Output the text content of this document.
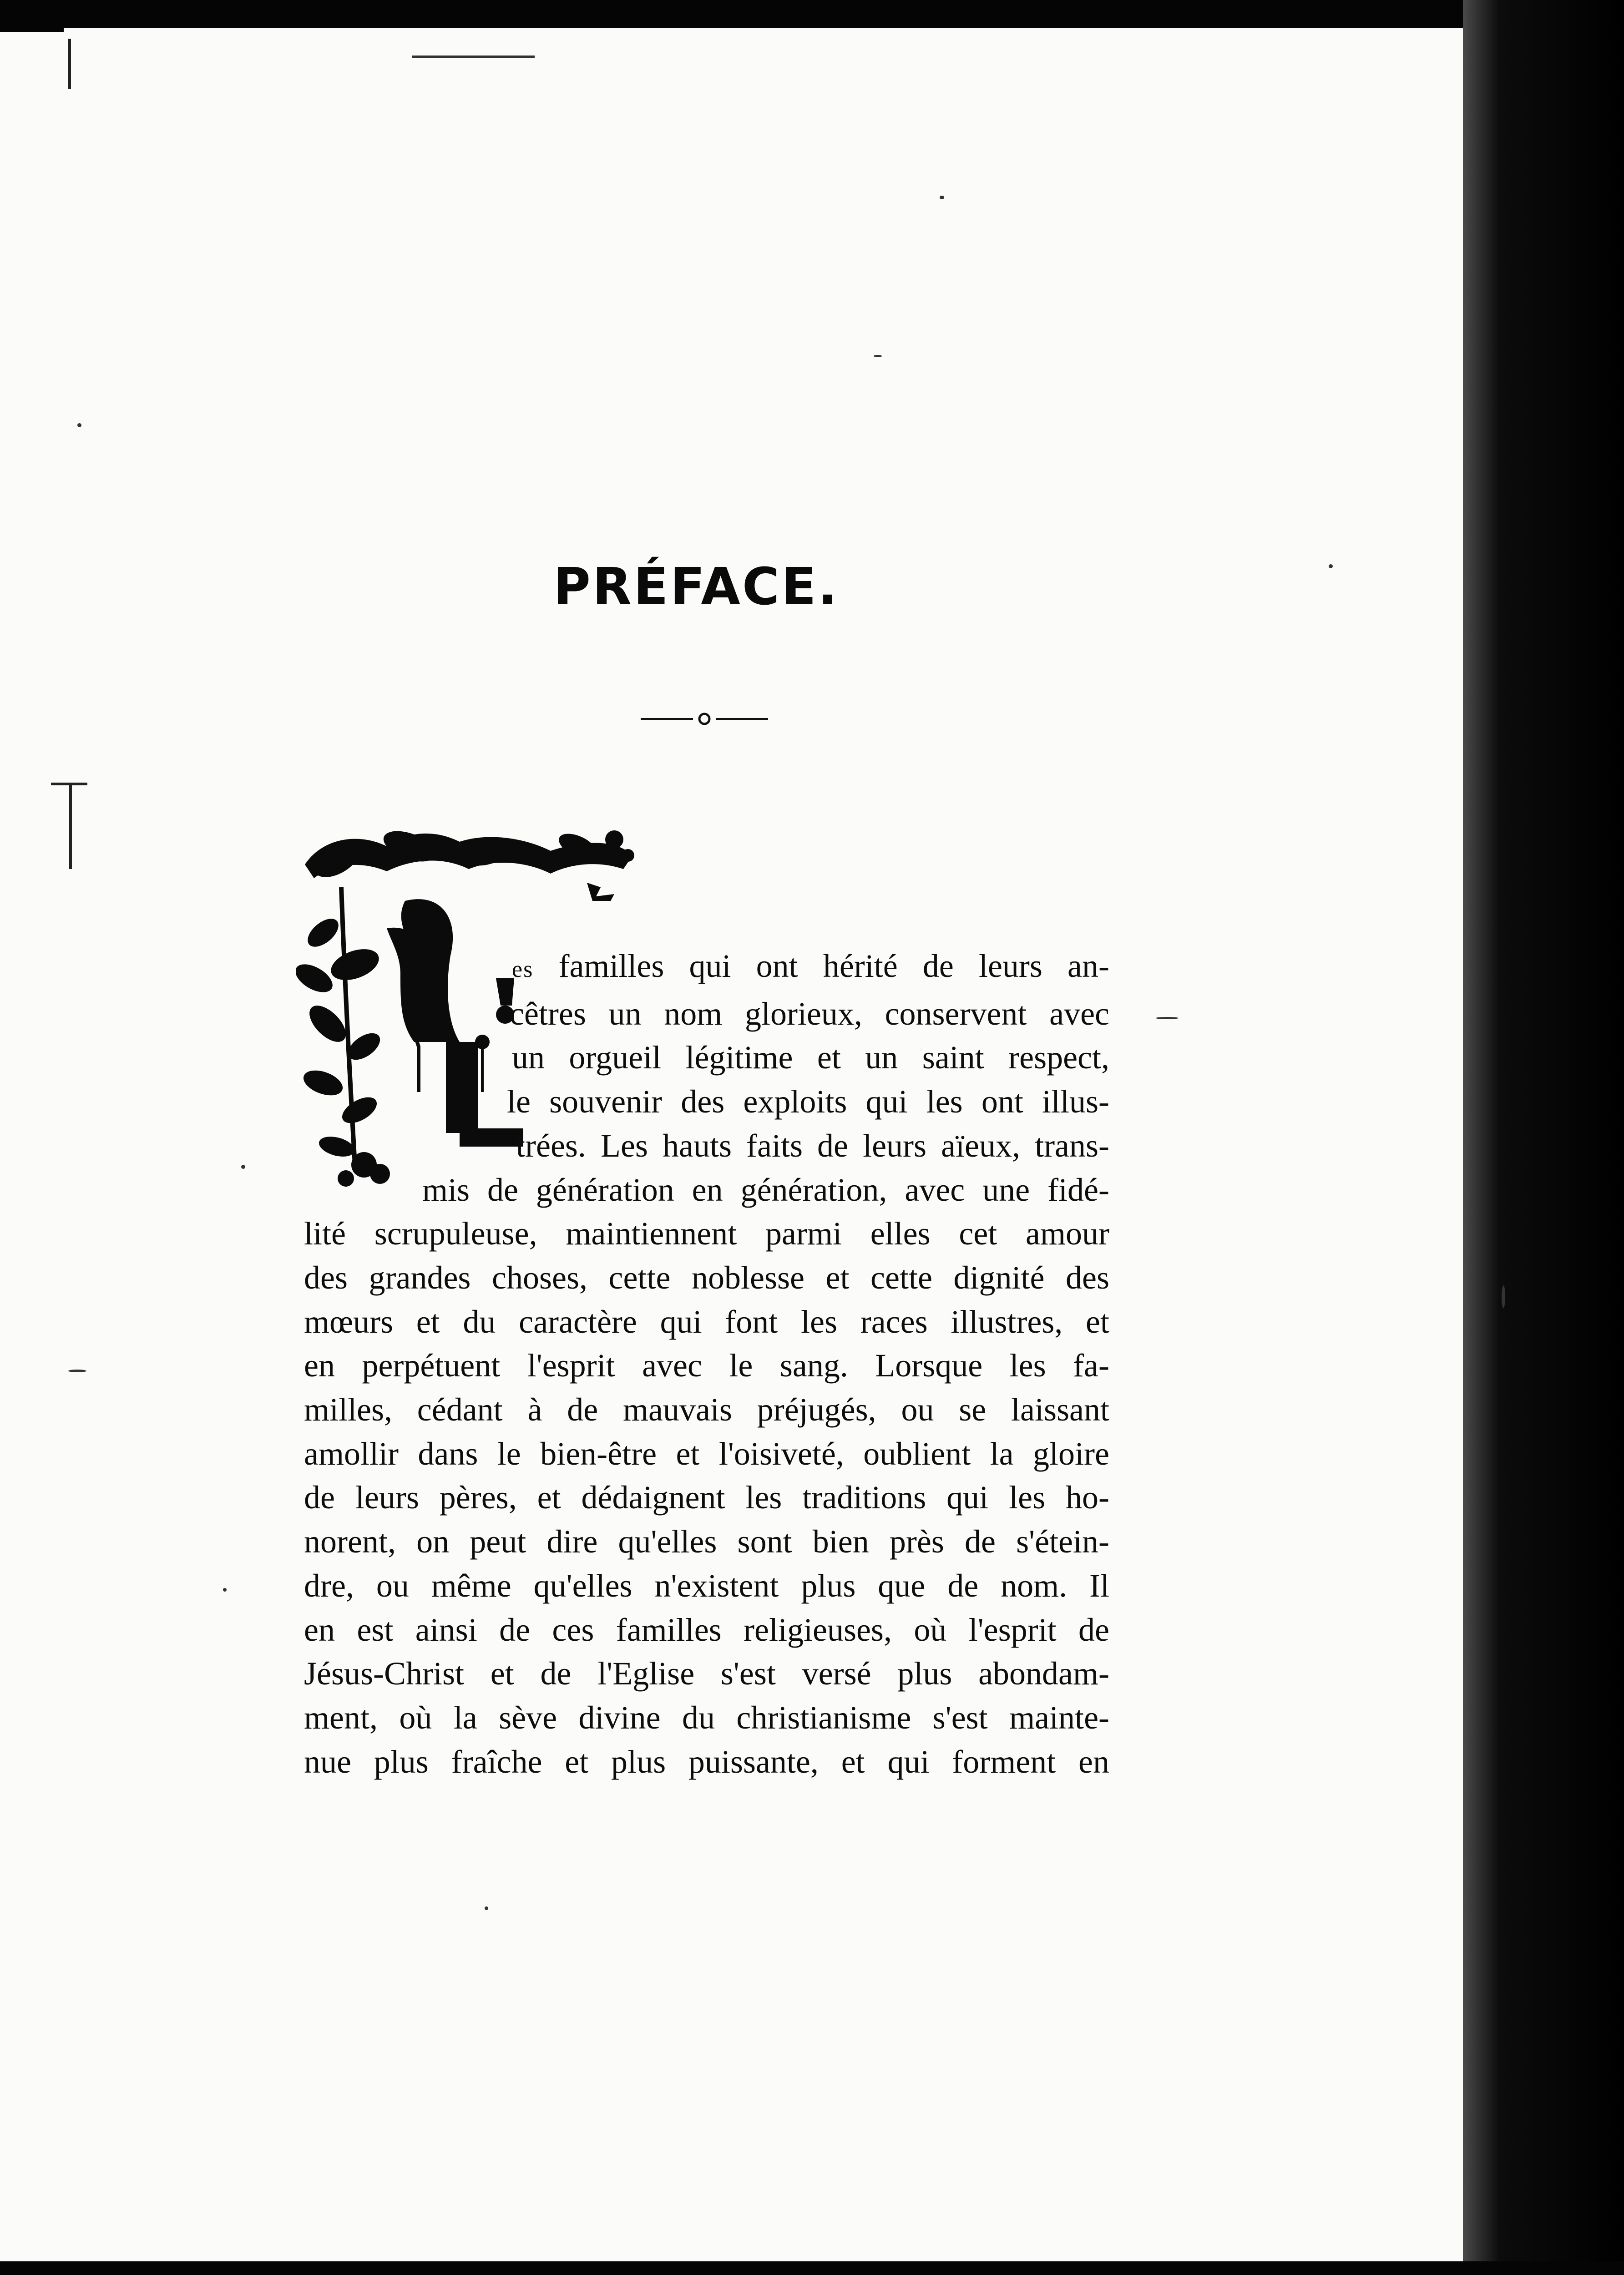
PRÉFACE.
es familles qui ont hérité de leurs an-
cêtres un nom glorieux, conservent avec
un orgueil légitime et un saint respect,
le souvenir des exploits qui les ont illus-
trées. Les hauts faits de leurs aïeux, trans-
mis de génération en génération, avec une fidé-
lité scrupuleuse, maintiennent parmi elles cet amour
des grandes choses, cette noblesse et cette dignité des
mœurs et du caractère qui font les races illustres, et
en perpétuent l'esprit avec le sang. Lorsque les fa-
milles, cédant à de mauvais préjugés, ou se laissant
amollir dans le bien-être et l'oisiveté, oublient la gloire
de leurs pères, et dédaignent les traditions qui les ho-
norent, on peut dire qu'elles sont bien près de s'étein-
dre, ou même qu'elles n'existent plus que de nom. Il
en est ainsi de ces familles religieuses, où l'esprit de
Jésus-Christ et de l'Eglise s'est versé plus abondam-
ment, où la sève divine du christianisme s'est mainte-
nue plus fraîche et plus puissante, et qui forment en
